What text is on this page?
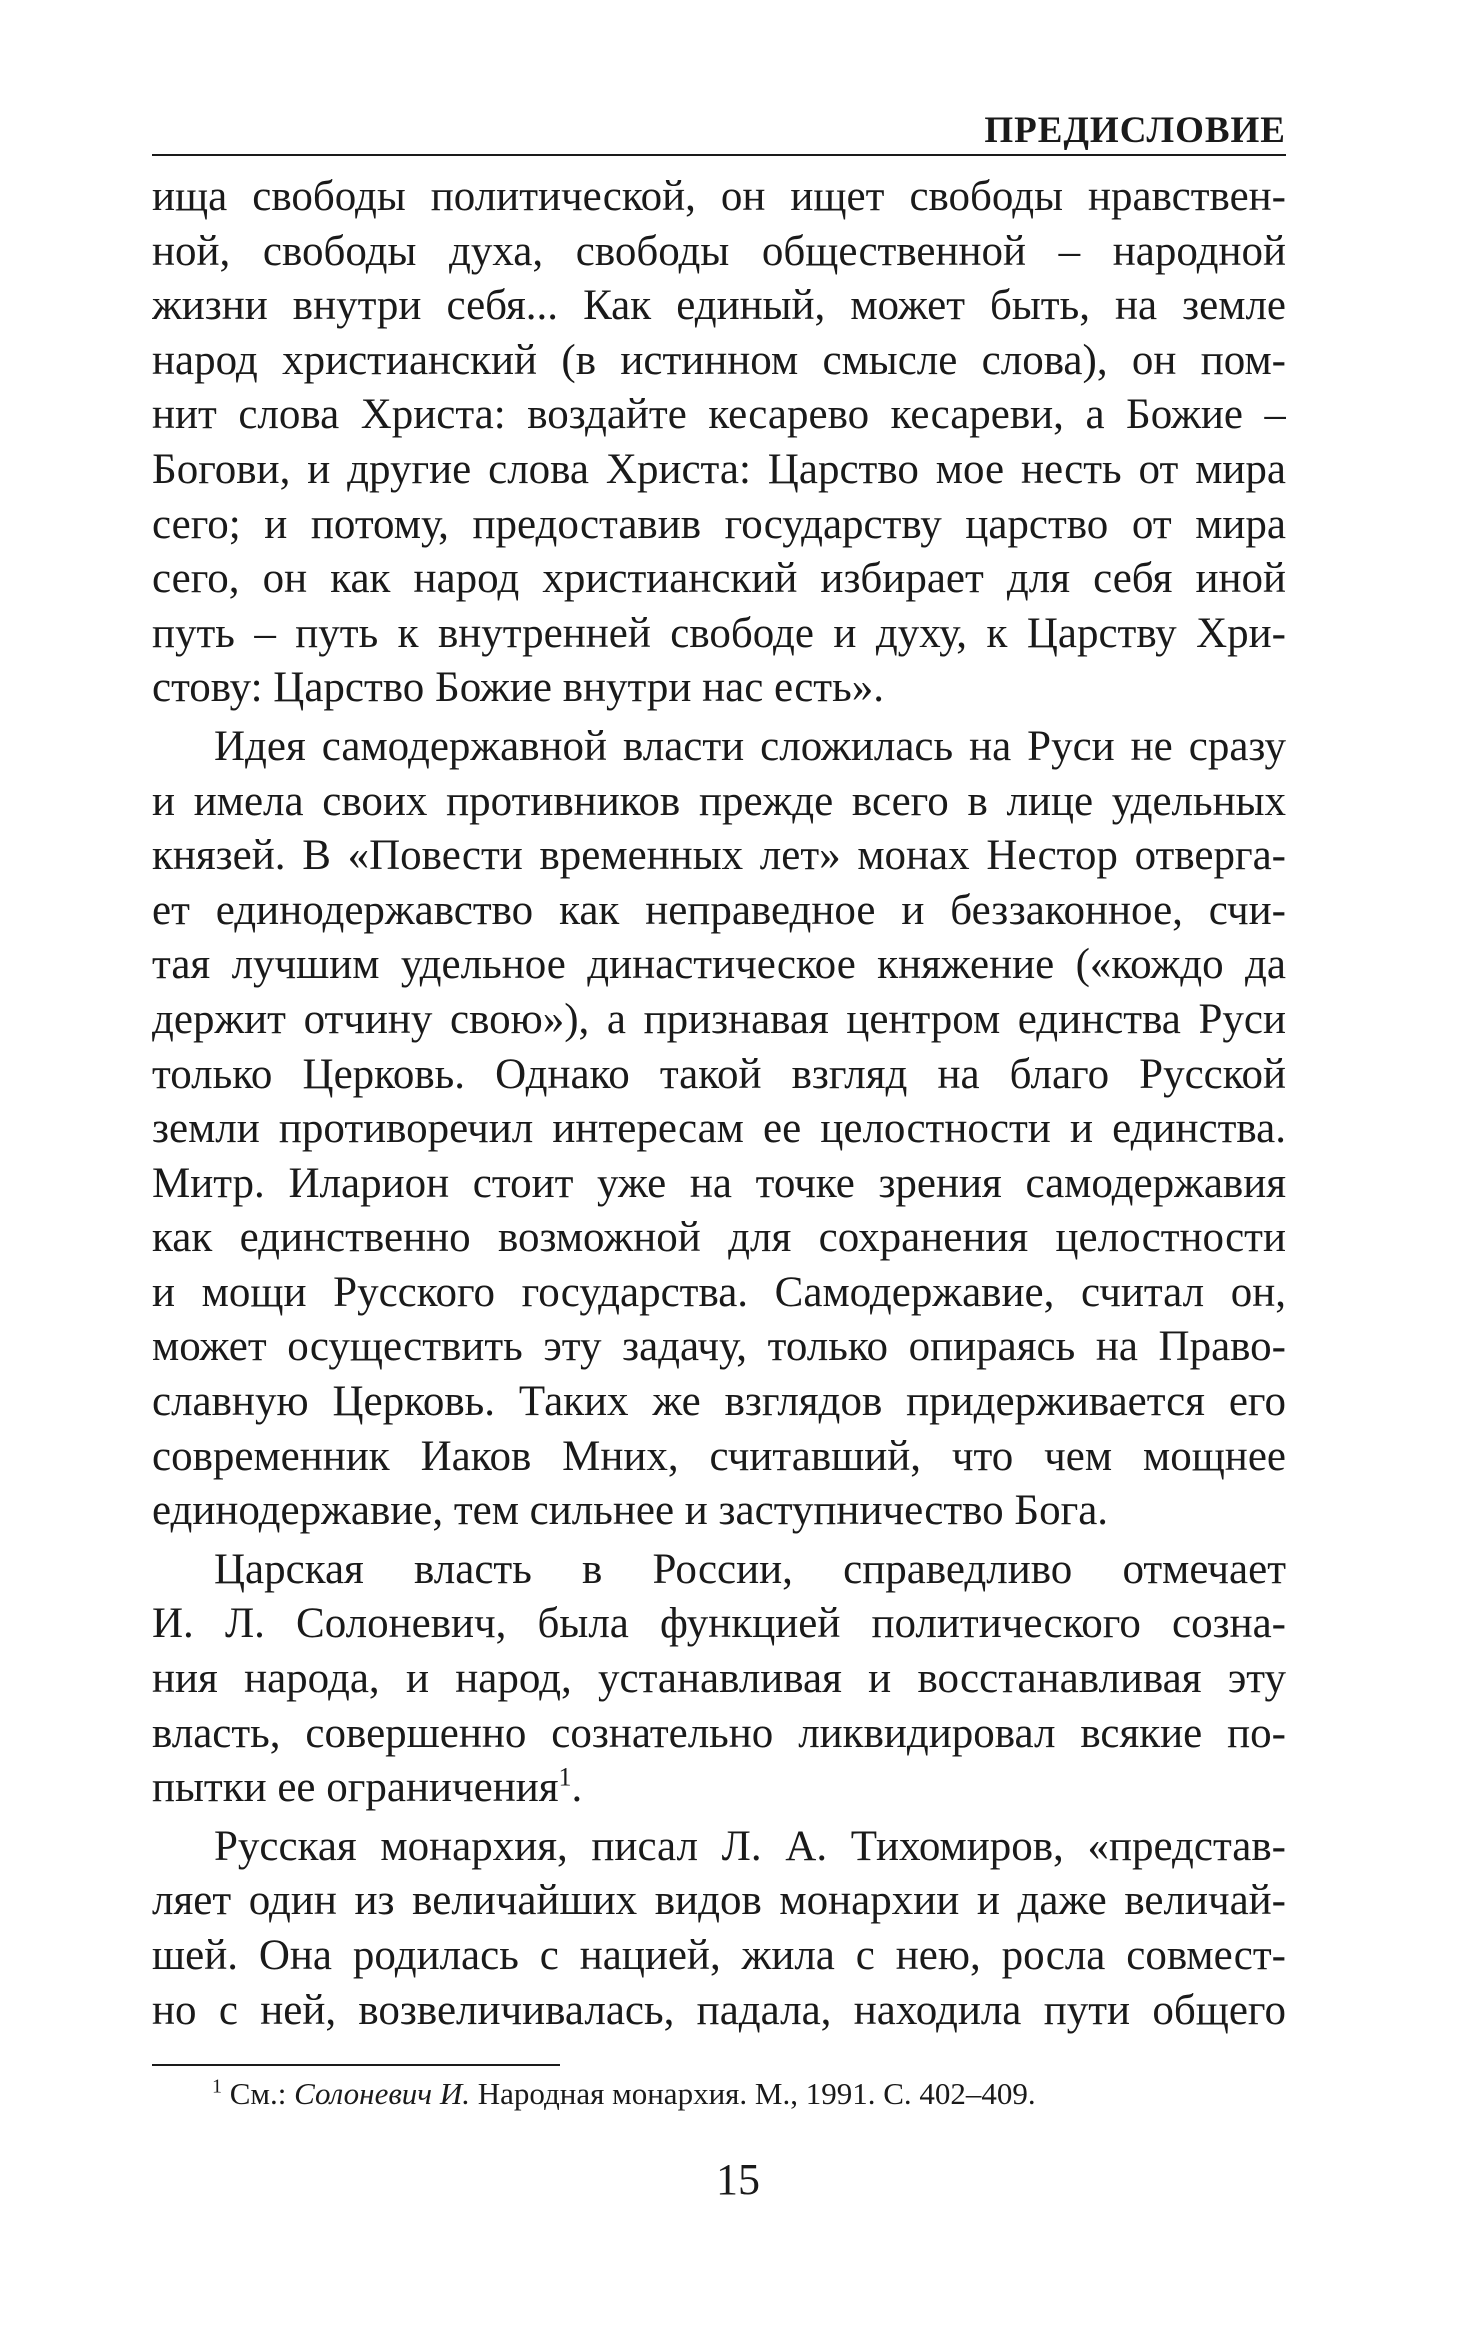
ПРЕДИСЛОВИЕ
ища свободы политической, он ищет свободы нравствен-
ной, свободы духа, свободы общественной – народной
жизни внутри себя... Как единый, может быть, на земле
народ христианский (в истинном смысле слова), он пом-
нит слова Христа: воздайте кесарево кесареви, а Божие –
Богови, и другие слова Христа: Царство мое несть от мира
сего; и потому, предоставив государству царство от мира
сего, он как народ христианский избирает для себя иной
путь – путь к внутренней свободе и духу, к Царству Хри-
стову: Царство Божие внутри нас есть».
Идея самодержавной власти сложилась на Руси не сразу
и имела своих противников прежде всего в лице удельных
князей. В «Повести временных лет» монах Нестор отверга-
ет единодержавство как неправедное и беззаконное, счи-
тая лучшим удельное династическое княжение («кождо да
держит отчину свою»), а признавая центром единства Руси
только Церковь. Однако такой взгляд на благо Русской
земли противоречил интересам ее целостности и единства.
Митр. Иларион стоит уже на точке зрения самодержавия
как единственно возможной для сохранения целостности
и мощи Русского государства. Самодержавие, считал он,
может осуществить эту задачу, только опираясь на Право-
славную Церковь. Таких же взглядов придерживается его
современник Иаков Мних, считавший, что чем мощнее
единодержавие, тем сильнее и заступничество Бога.
Царская власть в России, справедливо отмечает
И. Л. Солоневич, была функцией политического созна-
ния народа, и народ, устанавливая и восстанавливая эту
власть, совершенно сознательно ликвидировал всякие по-
пытки ее ограничения$^1$.
Русская монархия, писал Л. А. Тихомиров, «представ-
ляет один из величайших видов монархии и даже величай-
шей. Она родилась с нацией, жила с нею, росла совмест-
но с ней, возвеличивалась, падала, находила пути общего
$^1$ См.: Солоневич И. Народная монархия. М., 1991. С. 402–409.
15
